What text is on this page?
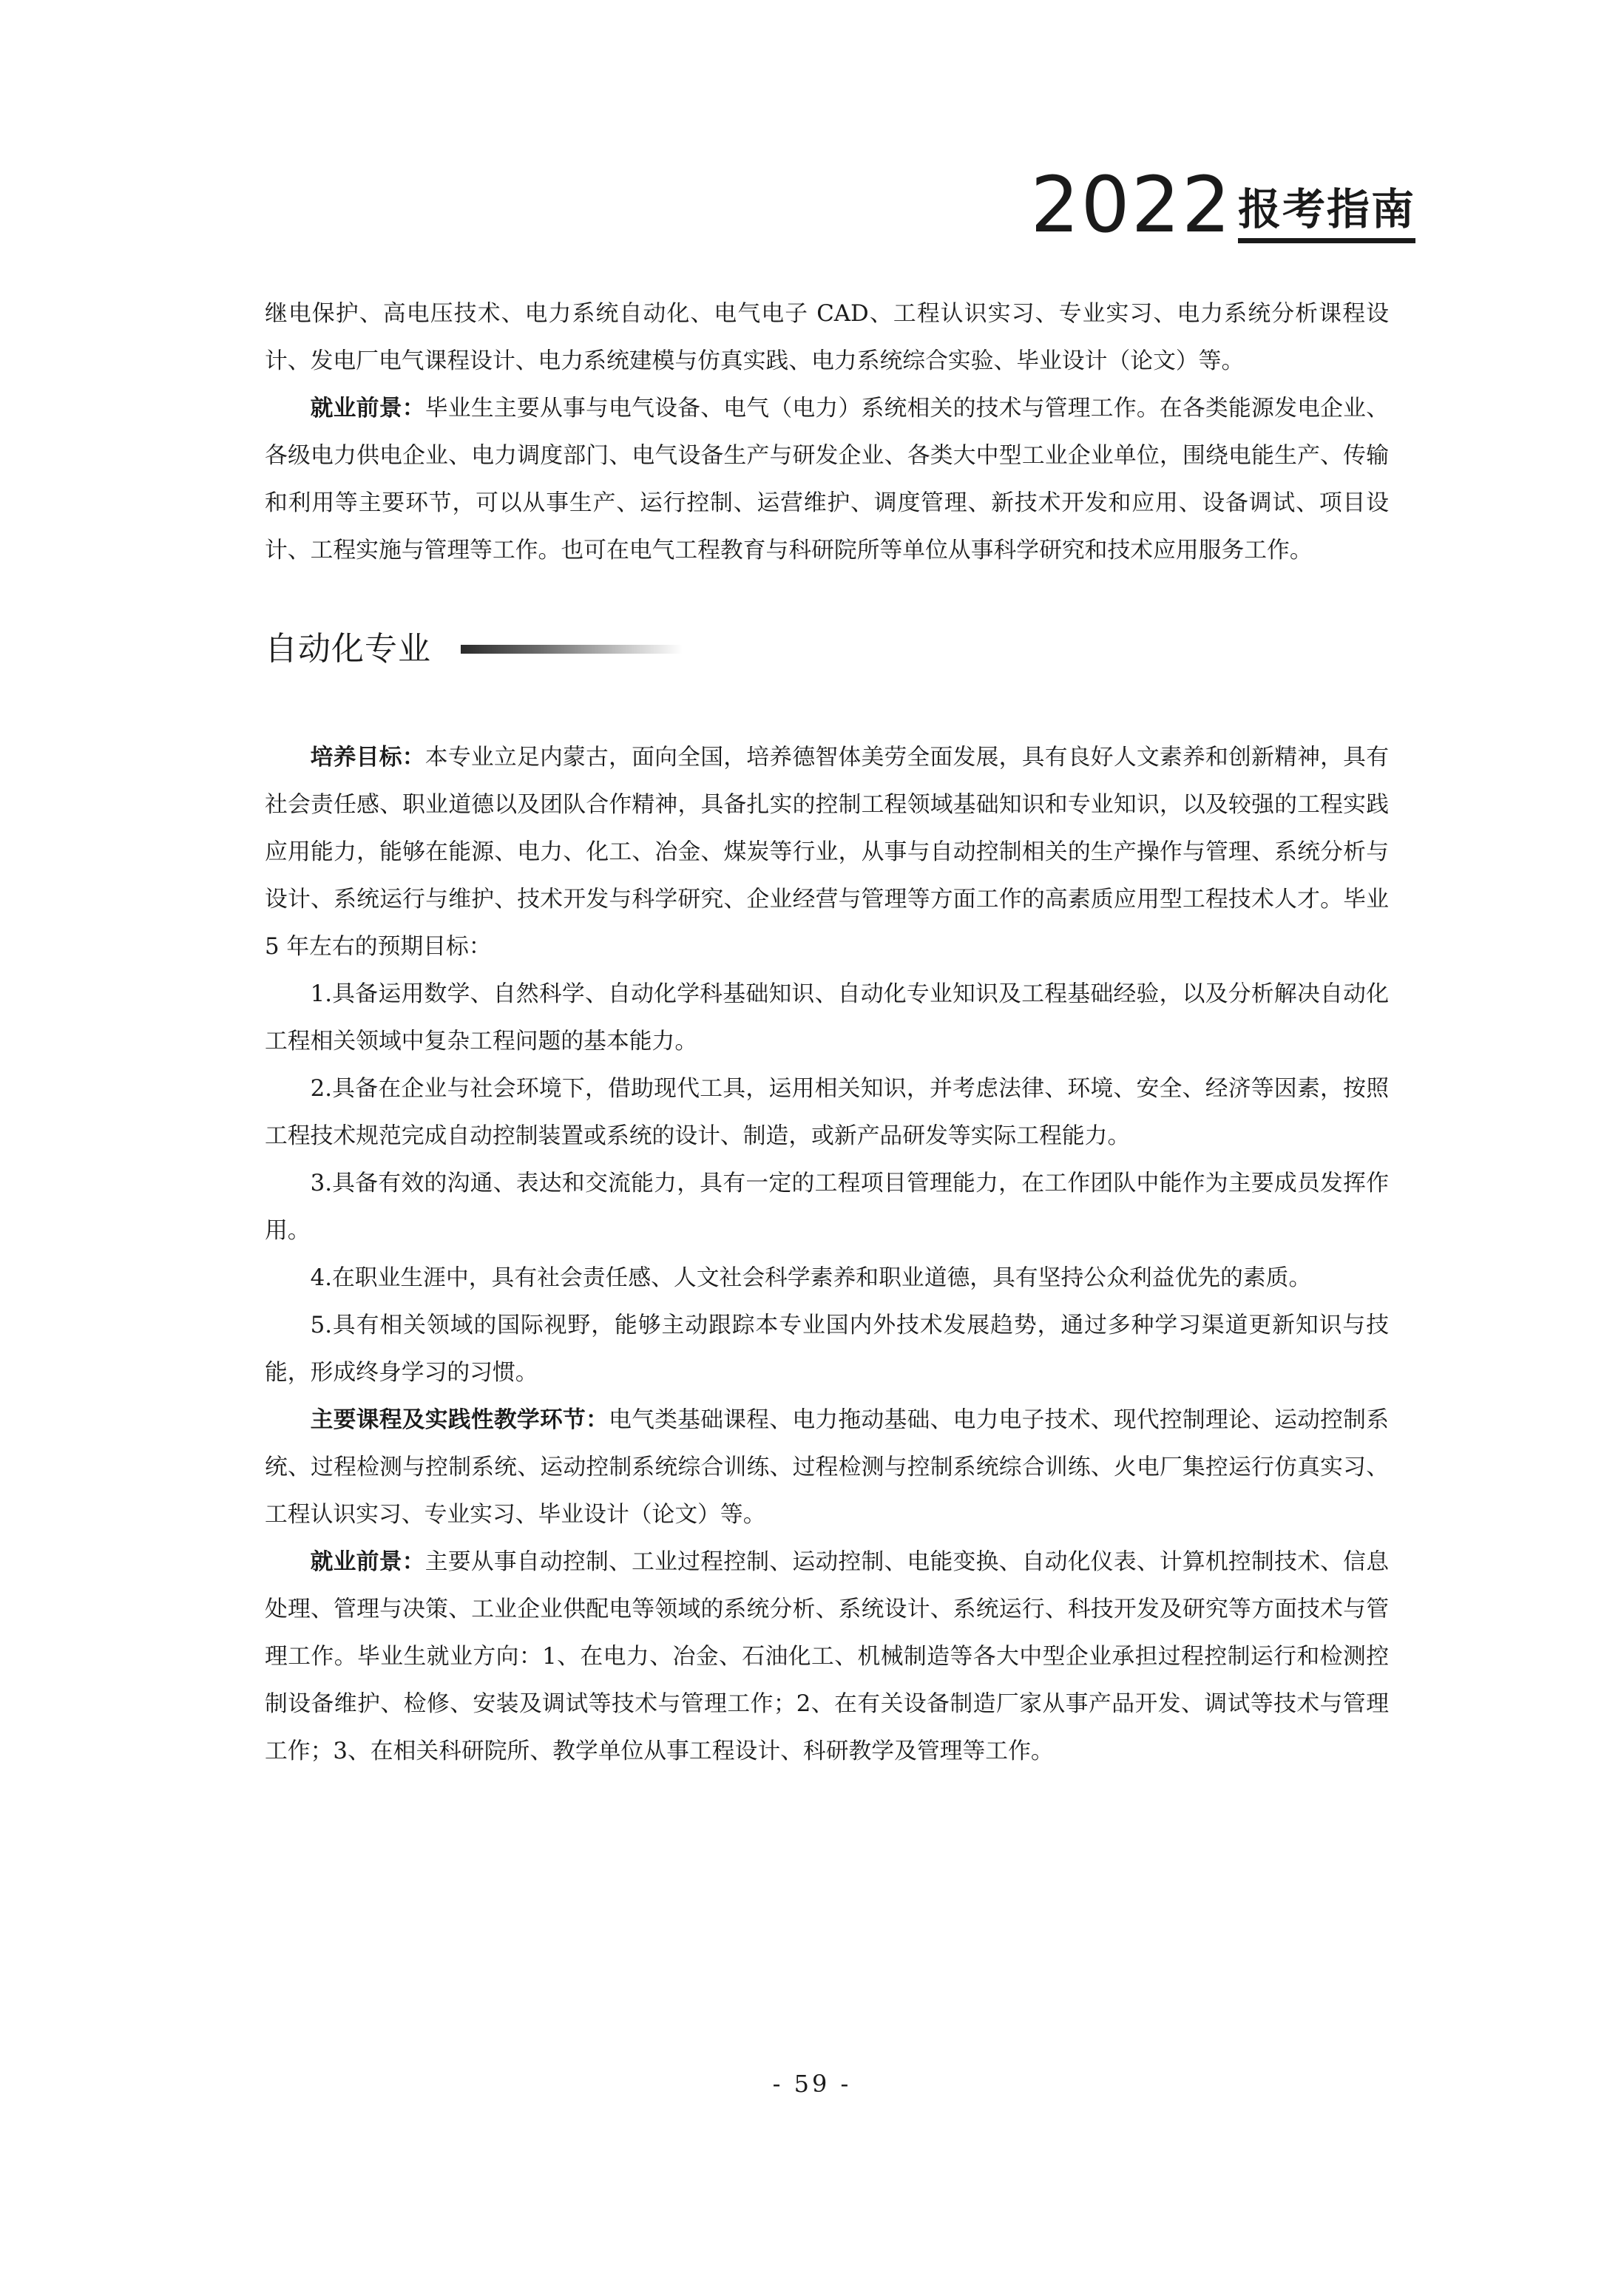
2022 报考指南

继电保护、高电压技术、电力系统自动化、电气电子 CAD、工程认识实习、专业实习、电力系统分析课程设计、发电厂电气课程设计、电力系统建模与仿真实践、电力系统综合实验、毕业设计（论文）等。

就业前景：毕业生主要从事与电气设备、电气（电力）系统相关的技术与管理工作。在各类能源发电企业、各级电力供电企业、电力调度部门、电气设备生产与研发企业、各类大中型工业企业单位，围绕电能生产、传输和利用等主要环节，可以从事生产、运行控制、运营维护、调度管理、新技术开发和应用、设备调试、项目设计、工程实施与管理等工作。也可在电气工程教育与科研院所等单位从事科学研究和技术应用服务工作。

自动化专业

培养目标：本专业立足内蒙古，面向全国，培养德智体美劳全面发展，具有良好人文素养和创新精神，具有社会责任感、职业道德以及团队合作精神，具备扎实的控制工程领域基础知识和专业知识，以及较强的工程实践应用能力，能够在能源、电力、化工、冶金、煤炭等行业，从事与自动控制相关的生产操作与管理、系统分析与设计、系统运行与维护、技术开发与科学研究、企业经营与管理等方面工作的高素质应用型工程技术人才。毕业 5 年左右的预期目标：

1.具备运用数学、自然科学、自动化学科基础知识、自动化专业知识及工程基础经验，以及分析解决自动化工程相关领域中复杂工程问题的基本能力。

2.具备在企业与社会环境下，借助现代工具，运用相关知识，并考虑法律、环境、安全、经济等因素，按照工程技术规范完成自动控制装置或系统的设计、制造，或新产品研发等实际工程能力。

3.具备有效的沟通、表达和交流能力，具有一定的工程项目管理能力，在工作团队中能作为主要成员发挥作用。

4.在职业生涯中，具有社会责任感、人文社会科学素养和职业道德，具有坚持公众利益优先的素质。

5.具有相关领域的国际视野，能够主动跟踪本专业国内外技术发展趋势，通过多种学习渠道更新知识与技能，形成终身学习的习惯。

主要课程及实践性教学环节：电气类基础课程、电力拖动基础、电力电子技术、现代控制理论、运动控制系统、过程检测与控制系统、运动控制系统综合训练、过程检测与控制系统综合训练、火电厂集控运行仿真实习、工程认识实习、专业实习、毕业设计（论文）等。

就业前景：主要从事自动控制、工业过程控制、运动控制、电能变换、自动化仪表、计算机控制技术、信息处理、管理与决策、工业企业供配电等领域的系统分析、系统设计、系统运行、科技开发及研究等方面技术与管理工作。毕业生就业方向：1、在电力、冶金、石油化工、机械制造等各大中型企业承担过程控制运行和检测控制设备维护、检修、安装及调试等技术与管理工作；2、在有关设备制造厂家从事产品开发、调试等技术与管理工作；3、在相关科研院所、教学单位从事工程设计、科研教学及管理等工作。

- 59 -
